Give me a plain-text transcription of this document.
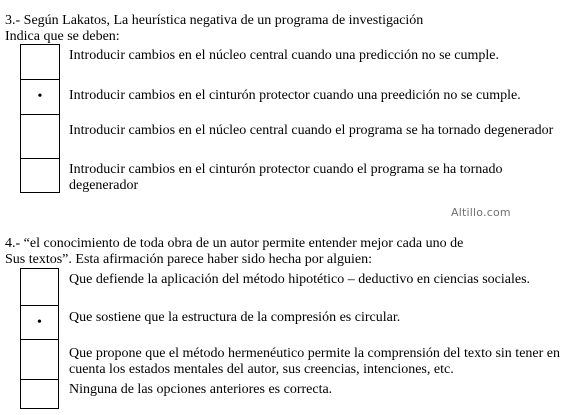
3.- Según Lakatos, La heurística negativa de un programa de investigación
Indica que se deben:
Introducir cambios en el núcleo central cuando una predicción no se cumple.
•	Introducir cambios en el cinturón protector cuando una preedición no se cumple.
Introducir cambios en el núcleo central cuando el programa se ha tornado degenerador
Introducir cambios en el cinturón protector cuando el programa se ha tornado degenerador
Altillo.com
4.- “el conocimiento de toda obra de un autor permite entender mejor cada uno de
Sus textos”. Esta afirmación parece haber sido hecha por alguien:
Que defiende la aplicación del método hipotético – deductivo en ciencias sociales.
•	Que sostiene que la estructura de la compresión es circular.
Que propone que el método hermenéutico permite la comprensión del texto sin tener en cuenta los estados mentales del autor, sus creencias, intenciones, etc.
Ninguna de las opciones anteriores es correcta.
